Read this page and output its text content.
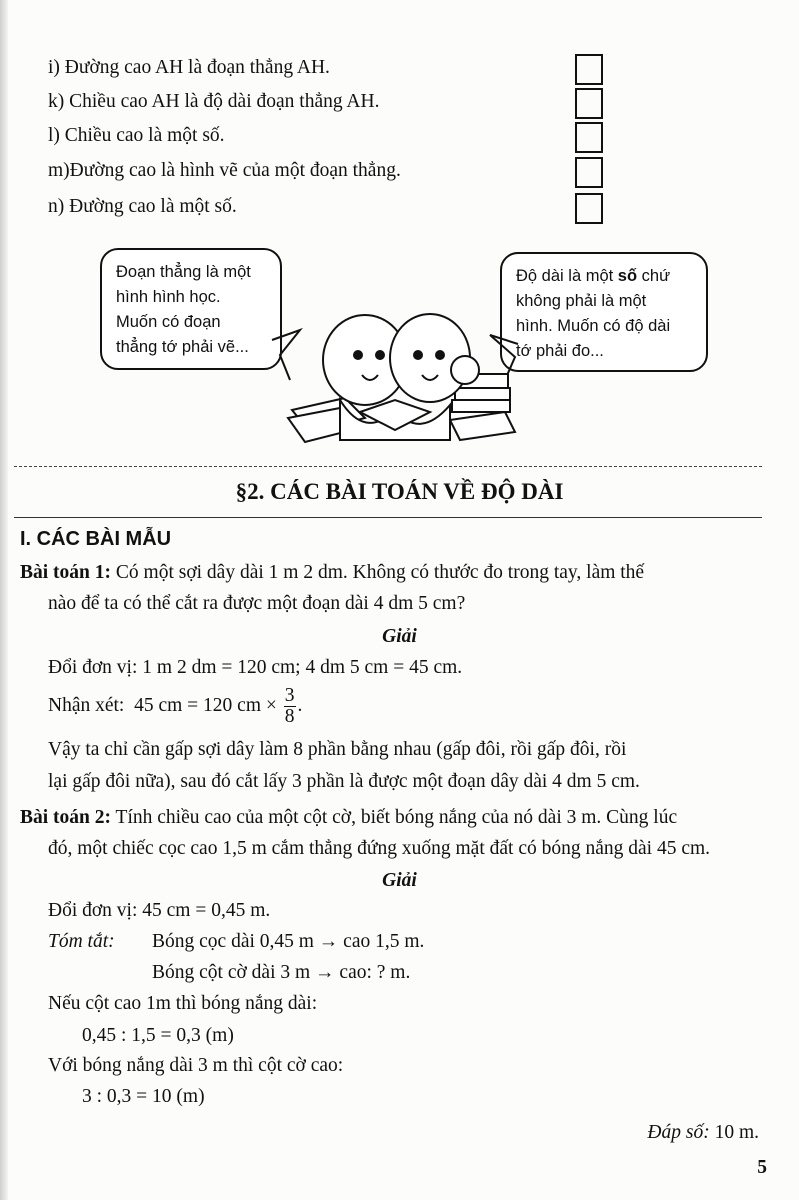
i) Đường cao AH là đoạn thẳng AH.
k) Chiều cao AH là độ dài đoạn thẳng AH.
l) Chiều cao là một số.
m)Đường cao là hình vẽ của một đoạn thẳng.
n) Đường cao là một số.
Đoạn thẳng là một
hình hình học.
Muốn có đoạn
thẳng tớ phải vẽ...
Độ dài là một số chứ
không phải là một
hình. Muốn có độ dài
tớ phải đo...
§2. CÁC BÀI TOÁN VỀ ĐỘ DÀI
I. CÁC BÀI MẪU
Bài toán 1: Có một sợi dây dài 1 m 2 dm. Không có thước đo trong tay, làm thế
nào để ta có thể cắt ra được một đoạn dài 4 dm 5 cm?
Giải
Đổi đơn vị: 1 m 2 dm = 120 cm; 4 dm 5 cm = 45 cm.
Nhận xét: 45 cm = 120 cm × $\frac{3}{8}$ .
Vậy ta chỉ cần gấp sợi dây làm 8 phần bằng nhau (gấp đôi, rồi gấp đôi, rồi
lại gấp đôi nữa), sau đó cắt lấy 3 phần là được một đoạn dây dài 4 dm 5 cm.
Bài toán 2: Tính chiều cao của một cột cờ, biết bóng nắng của nó dài 3 m. Cùng lúc
đó, một chiếc cọc cao 1,5 m cắm thẳng đứng xuống mặt đất có bóng nắng dài 45 cm.
Giải
Đổi đơn vị: 45 cm = 0,45 m.
Tóm tắt: Bóng cọc dài 0,45 m → cao 1,5 m.
Bóng cột cờ dài 3 m → cao: ? m.
Nếu cột cao 1m thì bóng nắng dài:
0,45 : 1,5 = 0,3 (m)
Với bóng nắng dài 3 m thì cột cờ cao:
3 : 0,3 = 10 (m)
Đáp số: 10 m.
5
